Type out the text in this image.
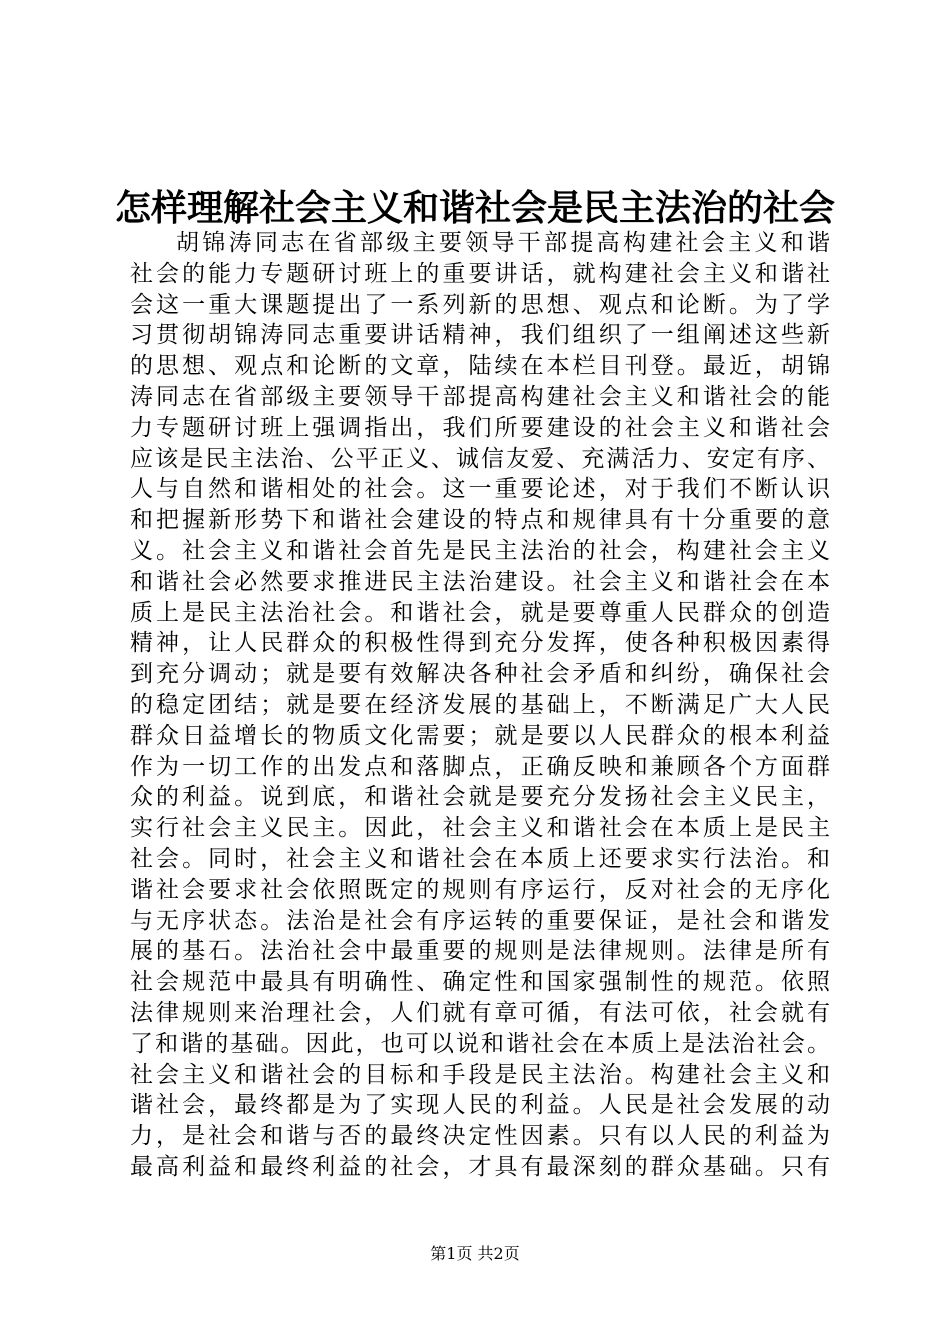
怎样理解社会主义和谐社会是民主法治的社会
胡锦涛同志在省部级主要领导干部提高构建社会主义和谐
社会的能力专题研讨班上的重要讲话，就构建社会主义和谐社
会这一重大课题提出了一系列新的思想、观点和论断。为了学
习贯彻胡锦涛同志重要讲话精神，我们组织了一组阐述这些新
的思想、观点和论断的文章，陆续在本栏目刊登。最近，胡锦
涛同志在省部级主要领导干部提高构建社会主义和谐社会的能
力专题研讨班上强调指出，我们所要建设的社会主义和谐社会
应该是民主法治、公平正义、诚信友爱、充满活力、安定有序、
人与自然和谐相处的社会。这一重要论述，对于我们不断认识
和把握新形势下和谐社会建设的特点和规律具有十分重要的意
义。社会主义和谐社会首先是民主法治的社会，构建社会主义
和谐社会必然要求推进民主法治建设。社会主义和谐社会在本
质上是民主法治社会。和谐社会，就是要尊重人民群众的创造
精神，让人民群众的积极性得到充分发挥，使各种积极因素得
到充分调动；就是要有效解决各种社会矛盾和纠纷，确保社会
的稳定团结；就是要在经济发展的基础上，不断满足广大人民
群众日益增长的物质文化需要；就是要以人民群众的根本利益
作为一切工作的出发点和落脚点，正确反映和兼顾各个方面群
众的利益。说到底，和谐社会就是要充分发扬社会主义民主，
实行社会主义民主。因此，社会主义和谐社会在本质上是民主
社会。同时，社会主义和谐社会在本质上还要求实行法治。和
谐社会要求社会依照既定的规则有序运行，反对社会的无序化
与无序状态。法治是社会有序运转的重要保证，是社会和谐发
展的基石。法治社会中最重要的规则是法律规则。法律是所有
社会规范中最具有明确性、确定性和国家强制性的规范。依照
法律规则来治理社会，人们就有章可循，有法可依，社会就有
了和谐的基础。因此，也可以说和谐社会在本质上是法治社会。
社会主义和谐社会的目标和手段是民主法治。构建社会主义和
谐社会，最终都是为了实现人民的利益。人民是社会发展的动
力，是社会和谐与否的最终决定性因素。只有以人民的利益为
最高利益和最终利益的社会，才具有最深刻的群众基础。只有
第1页 共2页
